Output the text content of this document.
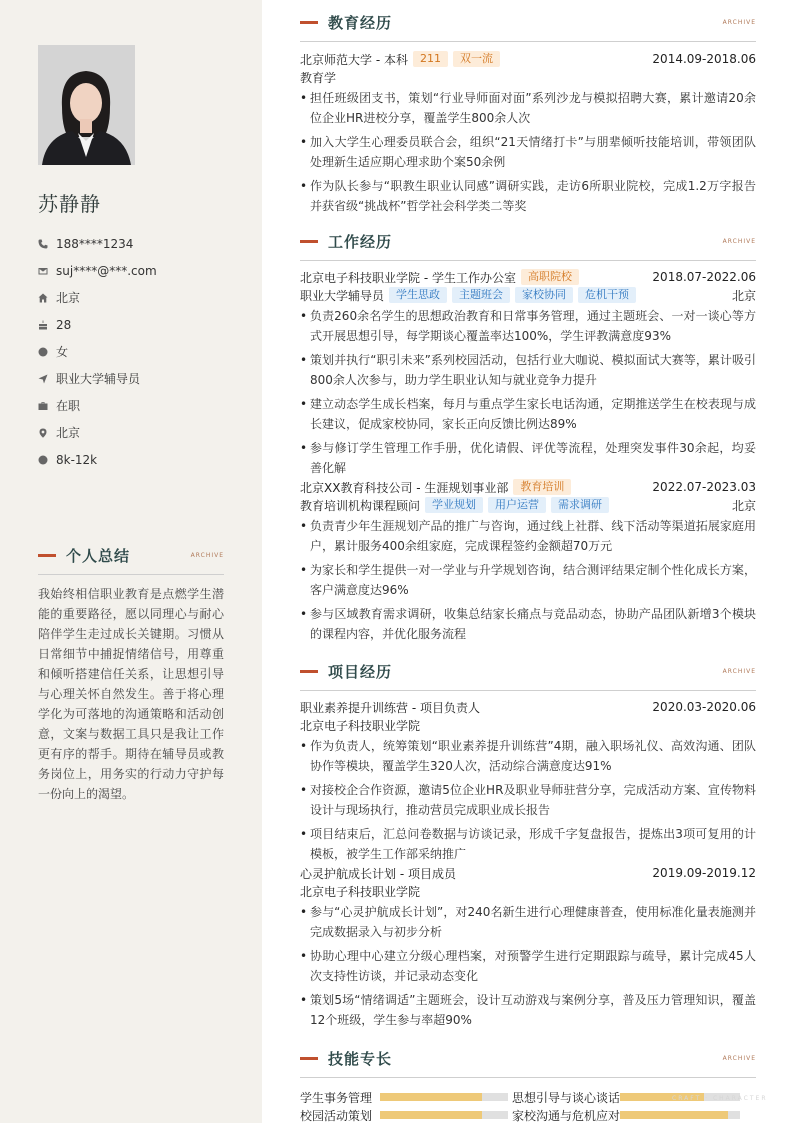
苏静静
188****1234
suj****@***.com
北京
28
女
职业大学辅导员
在职
北京
8k-12k
个人总结	ARCHIVE
我始终相信职业教育是点燃学生潜能的重要路径，愿以同理心与耐心陪伴学生走过成长关键期。习惯从日常细节中捕捉情绪信号，用尊重和倾听搭建信任关系，让思想引导与心理关怀自然发生。善于将心理学化为可落地的沟通策略和活动创意，文案与数据工具只是我让工作更有序的帮手。期待在辅导员或教务岗位上，用务实的行动力守护每一份向上的渴望。
教育经历	ARCHIVE
北京师范大学 - 本科	211	双一流	2014.09-2018.06
教育学
• 担任班级团支书，策划“行业导师面对面”系列沙龙与模拟招聘大赛，累计邀请20余位企业HR进校分享，覆盖学生800余人次
• 加入大学生心理委员联合会，组织“21天情绪打卡”与朋辈倾听技能培训，带领团队处理新生适应期心理求助个案50余例
• 作为队长参与“职教生职业认同感”调研实践，走访6所职业院校，完成1.2万字报告并获省级“挑战杯”哲学社会科学类二等奖
工作经历	ARCHIVE
北京电子科技职业学院 - 学生工作办公室	高职院校	2018.07-2022.06
职业大学辅导员	学生思政	主题班会	家校协同	危机干预	北京
• 负责260余名学生的思想政治教育和日常事务管理，通过主题班会、一对一谈心等方式开展思想引导，每学期谈心覆盖率达100%，学生评教满意度93%
• 策划并执行“职引未来”系列校园活动，包括行业大咖说、模拟面试大赛等，累计吸引800余人次参与，助力学生职业认知与就业竞争力提升
• 建立动态学生成长档案，每月与重点学生家长电话沟通，定期推送学生在校表现与成长建议，促成家校协同，家长正向反馈比例达89%
• 参与修订学生管理工作手册，优化请假、评优等流程，处理突发事件30余起，均妥善化解
北京XX教育科技公司 - 生涯规划事业部	教育培训	2022.07-2023.03
教育培训机构课程顾问	学业规划	用户运营	需求调研	北京
• 负责青少年生涯规划产品的推广与咨询，通过线上社群、线下活动等渠道拓展家庭用户，累计服务400余组家庭，完成课程签约金额超70万元
• 为家长和学生提供一对一学业与升学规划咨询，结合测评结果定制个性化成长方案，客户满意度达96%
• 参与区域教育需求调研，收集总结家长痛点与竞品动态，协助产品团队新增3个模块的课程内容，并优化服务流程
项目经历	ARCHIVE
职业素养提升训练营 - 项目负责人	2020.03-2020.06
北京电子科技职业学院
• 作为负责人，统筹策划“职业素养提升训练营”4期，融入职场礼仪、高效沟通、团队协作等模块，覆盖学生320人次，活动综合满意度达91%
• 对接校企合作资源，邀请5位企业HR及职业导师驻营分享，完成活动方案、宣传物料设计与现场执行，推动营员完成职业成长报告
• 项目结束后，汇总问卷数据与访谈记录，形成千字复盘报告，提炼出3项可复用的计模板，被学生工作部采纳推广
心灵护航成长计划 - 项目成员	2019.09-2019.12
北京电子科技职业学院
• 参与“心灵护航成长计划”，对240名新生进行心理健康普查，使用标准化量表施测并完成数据录入与初步分析
• 协助心理中心建立分级心理档案，对预警学生进行定期跟踪与疏导，累计完成45人次支持性访谈，并记录动态变化
• 策划5场“情绪调适”主题班会，设计互动游戏与案例分享，普及压力管理知识，覆盖12个班级，学生参与率超90%
技能专长	ARCHIVE
学生事务管理	思想引导与谈心谈话
校园活动策划	家校沟通与危机应对
CRAFT · CHARACTER
